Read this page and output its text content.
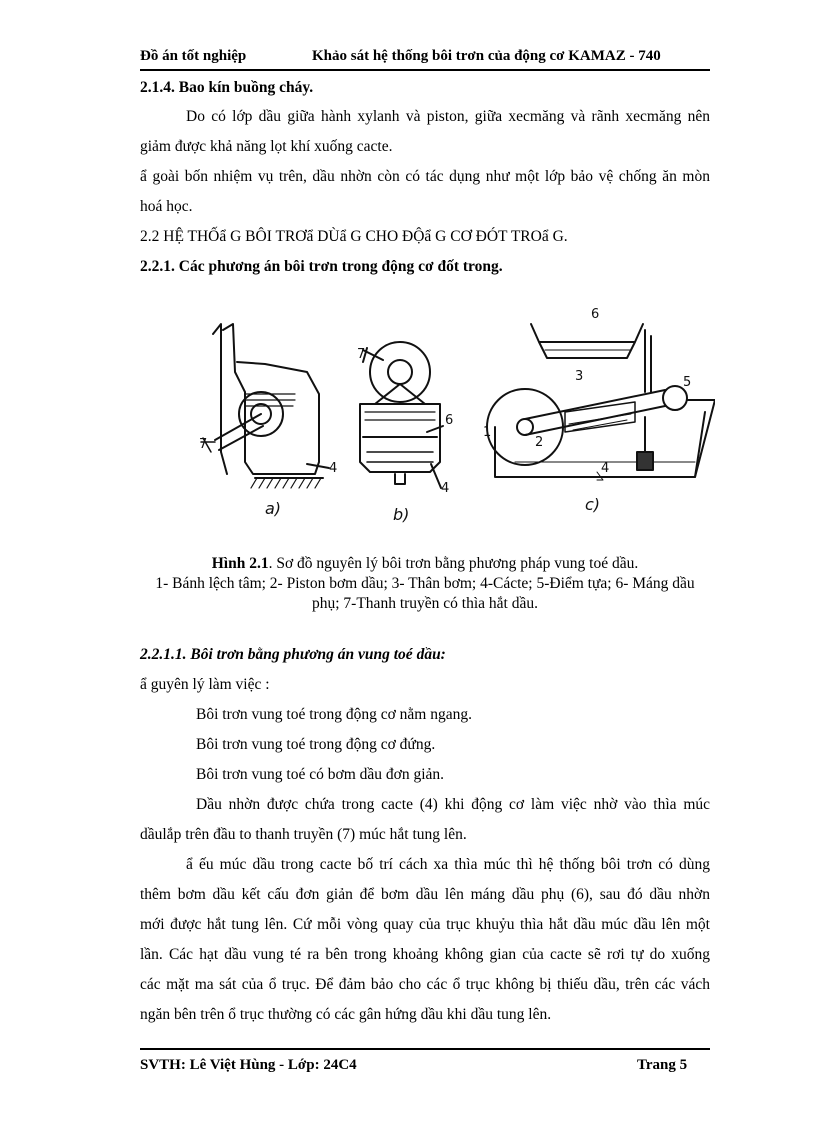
Đồ án tốt nghiệp	Khảo sát hệ thống bôi trơn của động cơ KAMAZ - 740
2.1.4. Bao kín buồng cháy.
Do có lớp dầu giữa hành xylanh và piston, giữa xecmăng và rãnh xecmăng nên
giảm được khả năng lọt khí xuống cacte.
ẩ goài bốn nhiệm vụ trên, dầu nhờn còn có tác dụng như một lớp bảo vệ chống ăn mòn
hoá học.
2.2 HỆ THỐẩ G BÔI TRƠẩ DÙẩ G CHO ĐỘẩ G CƠ ĐÓT TROẩ G.
2.2.1. Các phương án bôi trơn trong động cơ đốt trong.
7
4
7
6
4
6
3	5
1
2
4
a)	b)
c)
Hình 2.1. Sơ đồ nguyên lý bôi trơn bằng phương pháp vung toé dầu.
1- Bánh lệch tâm; 2- Piston bơm dầu; 3- Thân bơm; 4-Cácte; 5-Điểm tựa; 6- Máng dầu
phụ; 7-Thanh truyền có thìa hắt dầu.
2.2.1.1. Bôi trơn bằng phương án vung toé dầu:
ẩ guyên lý làm việc :
Bôi trơn vung toé trong động cơ nằm ngang.
Bôi trơn vung toé trong động cơ đứng.
Bôi trơn vung toé có bơm dầu đơn giản.
Dầu nhờn được chứa trong cacte (4) khi động cơ làm việc nhờ vào thìa múc
dầulắp trên đầu to thanh truyền (7) múc hắt tung lên.
ẩ ếu múc dầu trong cacte bố trí cách xa thìa múc thì hệ thống bôi trơn có dùng
thêm bơm dầu kết cấu đơn giản để bơm dầu lên máng dầu phụ (6), sau đó dầu nhờn
mới được hắt tung lên. Cứ mỗi vòng quay của trục khuỷu thìa hắt dầu múc dầu lên một
lần. Các hạt dầu vung té ra bên trong khoảng không gian của cacte sẽ rơi tự do xuống
các mặt ma sát của ổ trục. Để đảm bảo cho các ổ trục không bị thiếu dầu, trên các vách
ngăn bên trên ổ trục thường có các gân hứng dầu khi dầu tung lên.
SVTH: Lê Việt Hùng - Lớp: 24C4	Trang 5
